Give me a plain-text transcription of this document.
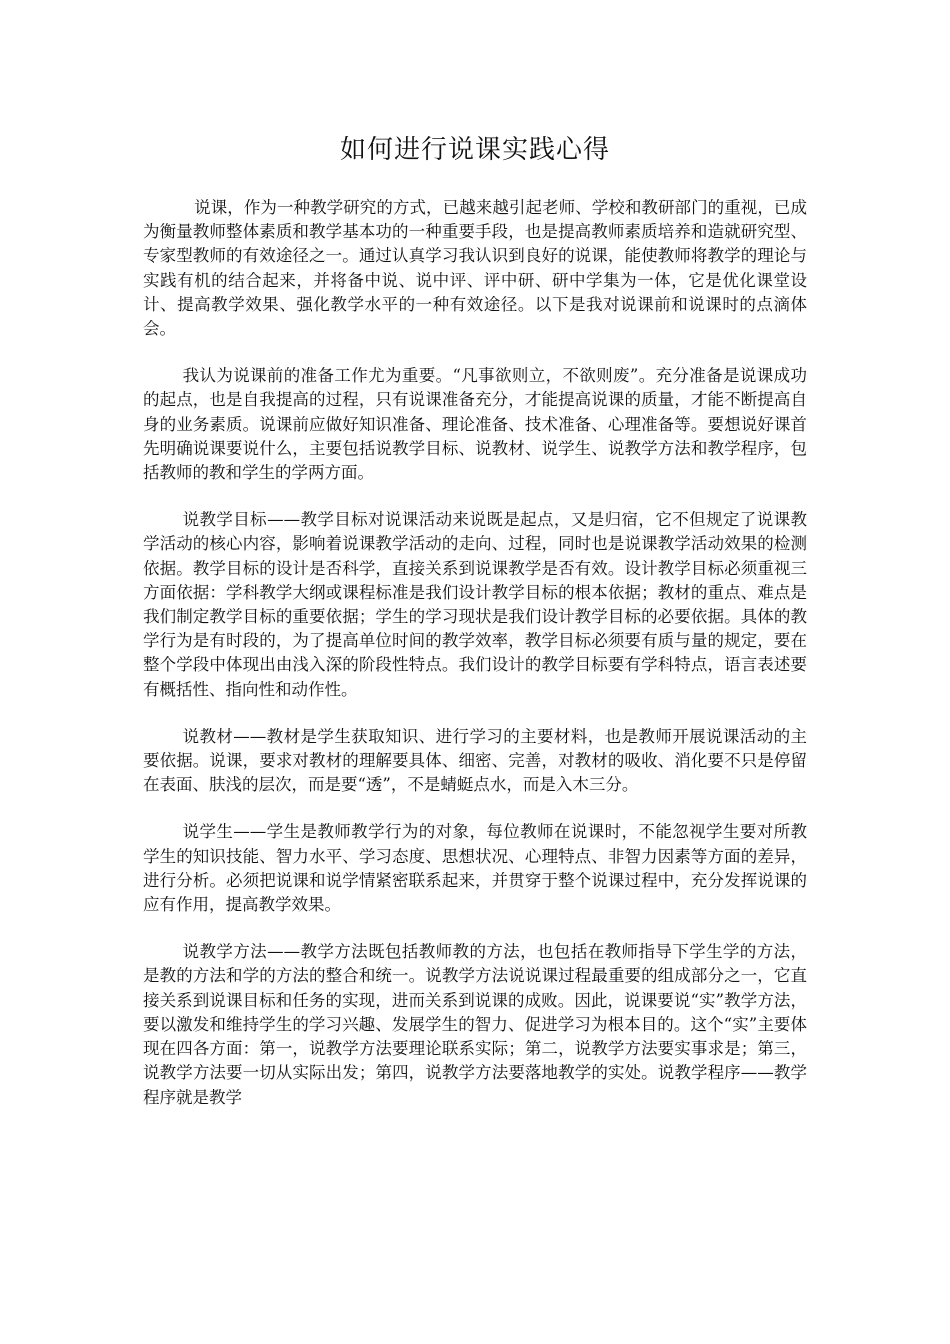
如何进行说课实践心得

说课，作为一种教学研究的方式，已越来越引起老师、学校和教研部门的重视，已成为衡量教师整体素质和教学基本功的一种重要手段，也是提高教师素质培养和造就研究型、专家型教师的有效途径之一。通过认真学习我认识到良好的说课，能使教师将教学的理论与实践有机的结合起来，并将备中说、说中评、评中研、研中学集为一体，它是优化课堂设计、提高教学效果、强化教学水平的一种有效途径。以下是我对说课前和说课时的点滴体会。

我认为说课前的准备工作尤为重要。“凡事欲则立，不欲则废”。充分准备是说课成功的起点，也是自我提高的过程，只有说课准备充分，才能提高说课的质量，才能不断提高自身的业务素质。说课前应做好知识准备、理论准备、技术准备、心理准备等。要想说好课首先明确说课要说什么，主要包括说教学目标、说教材、说学生、说教学方法和教学程序，包括教师的教和学生的学两方面。

说教学目标——教学目标对说课活动来说既是起点，又是归宿，它不但规定了说课教学活动的核心内容，影响着说课教学活动的走向、过程，同时也是说课教学活动效果的检测依据。教学目标的设计是否科学，直接关系到说课教学是否有效。设计教学目标必须重视三方面依据：学科教学大纲或课程标准是我们设计教学目标的根本依据；教材的重点、难点是我们制定教学目标的重要依据；学生的学习现状是我们设计教学目标的必要依据。具体的教学行为是有时段的，为了提高单位时间的教学效率，教学目标必须要有质与量的规定，要在整个学段中体现出由浅入深的阶段性特点。我们设计的教学目标要有学科特点，语言表述要有概括性、指向性和动作性。

说教材——教材是学生获取知识、进行学习的主要材料，也是教师开展说课活动的主要依据。说课，要求对教材的理解要具体、细密、完善，对教材的吸收、消化要不只是停留在表面、肤浅的层次，而是要“透”，不是蜻蜓点水，而是入木三分。

说学生——学生是教师教学行为的对象，每位教师在说课时，不能忽视学生要对所教学生的知识技能、智力水平、学习态度、思想状况、心理特点、非智力因素等方面的差异，进行分析。必须把说课和说学情紧密联系起来，并贯穿于整个说课过程中，充分发挥说课的应有作用，提高教学效果。

说教学方法——教学方法既包括教师教的方法，也包括在教师指导下学生学的方法，是教的方法和学的方法的整合和统一。说教学方法说说课过程最重要的组成部分之一，它直接关系到说课目标和任务的实现，进而关系到说课的成败。因此，说课要说“实”教学方法，要以激发和维持学生的学习兴趣、发展学生的智力、促进学习为根本目的。这个“实”主要体现在四各方面：第一，说教学方法要理论联系实际；第二，说教学方法要实事求是；第三，说教学方法要一切从实际出发；第四，说教学方法要落地教学的实处。说教学程序——教学程序就是教学
